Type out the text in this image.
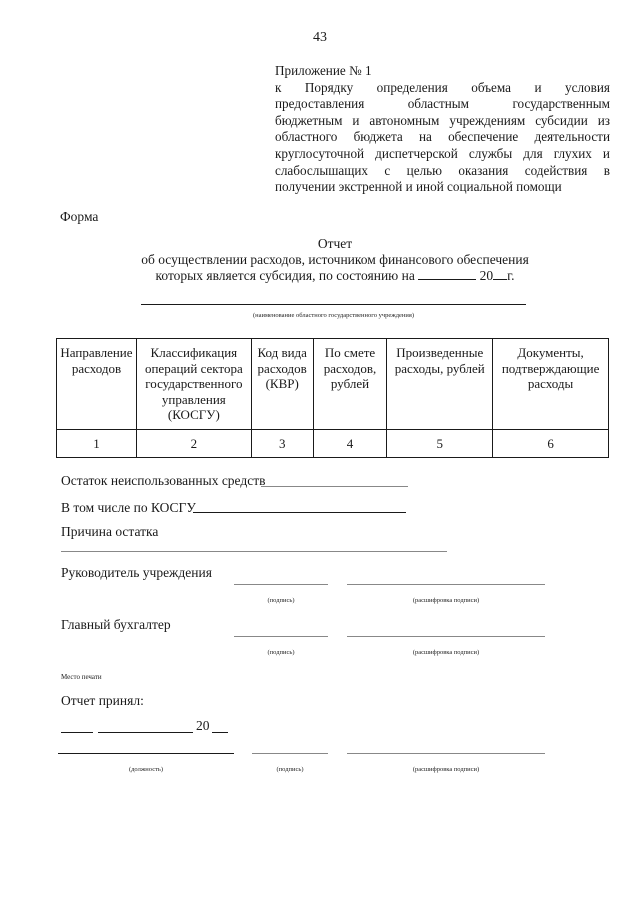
43
Приложение № 1
к Порядку определения объема и условия
предоставления областным государственным
бюджетным и автономным учреждениям субсидии из
областного бюджета на обеспечение деятельности
круглосуточной диспетчерской службы для глухих и
слабослышащих с целью оказания содействия в
получении экстренной и иной социальной помощи
Форма
Отчет
об осуществлении расходов, источником финансового обеспечения
которых является субсидия, по состоянию на	20 г.
(наименование областного государственного учреждения)
Направление расходов	Классификация операций сектора государственного управления (КОСГУ)	Код вида расходов (КВР)	По смете расходов, рублей	Произведенные расходы, рублей	Документы, подтверждающие расходы
1	2	3	4	5	6
Остаток неиспользованных средств
В том числе по КОСГУ
Причина остатка
Руководитель учреждения
(подпись)	(расшифровка подписи)
Главный бухгалтер
(подпись)	(расшифровка подписи)
Место печати
Отчет принял:
20
(должность)	(подпись)	(расшифровка подписи)
